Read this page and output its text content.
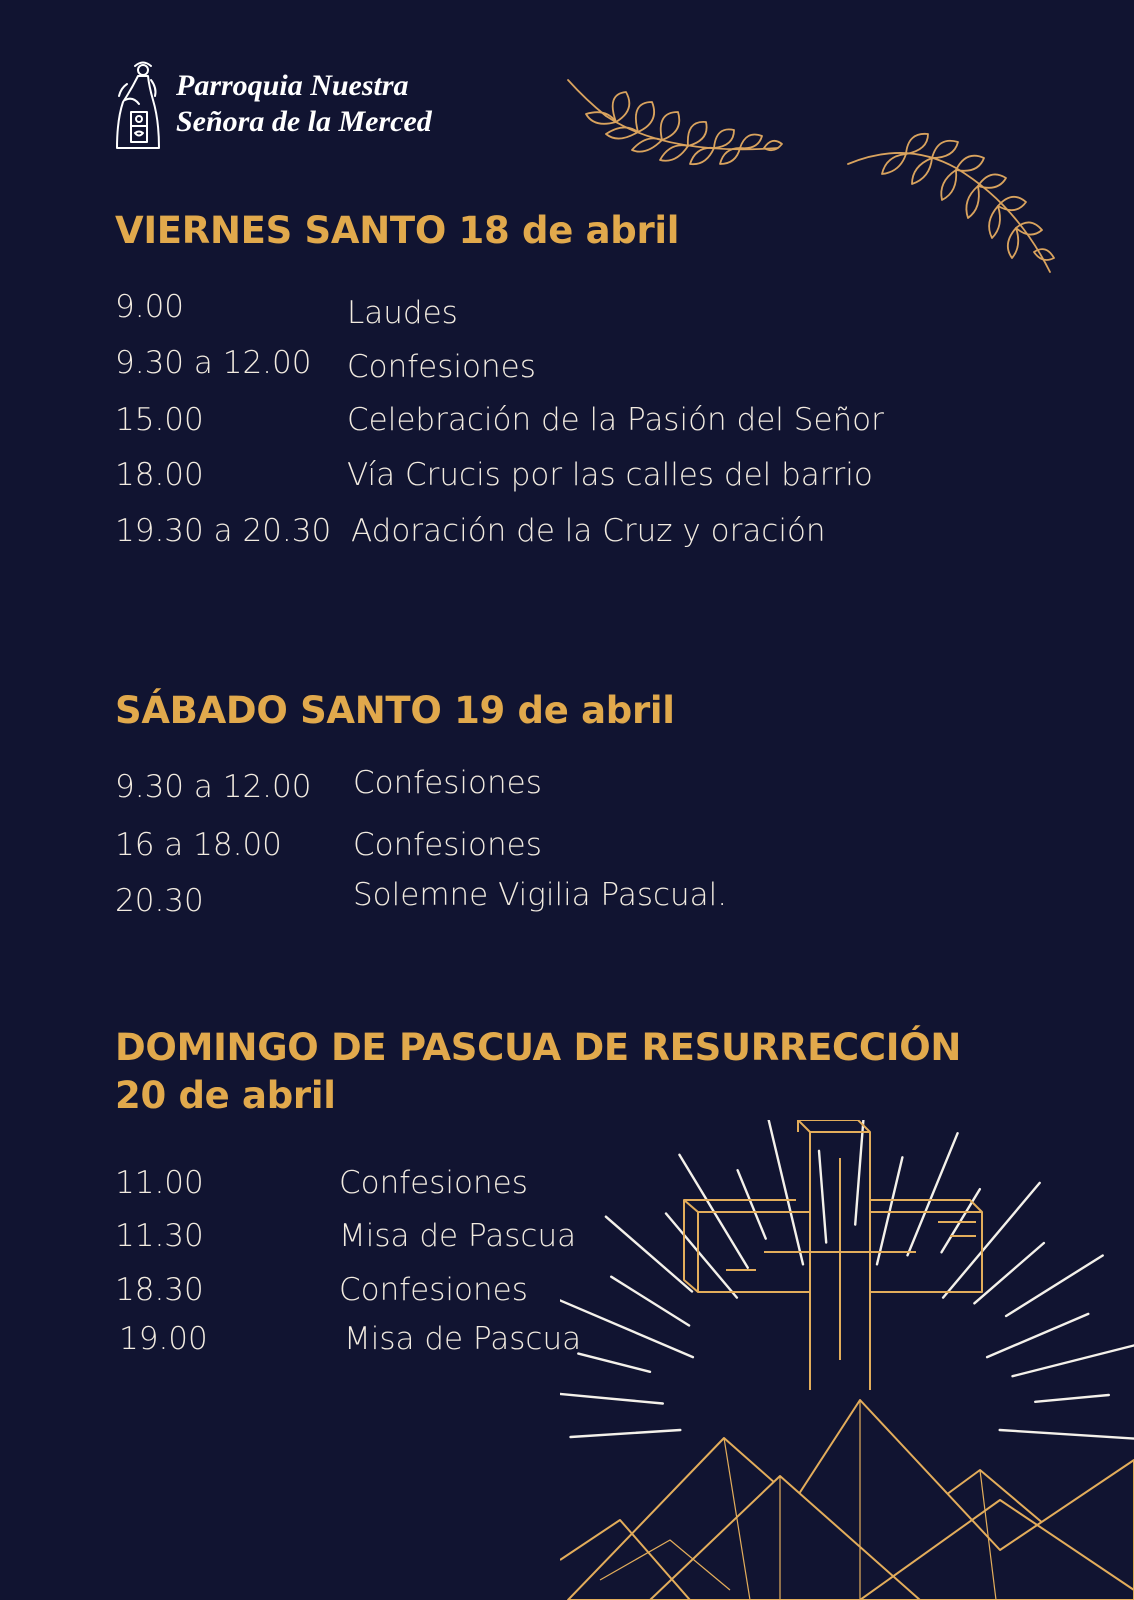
Parroquia Nuestra
Señora de la Merced
VIERNES SANTO 18 de abril
9.00	Laudes
9.30 a 12.00 Confesiones
15.00	Celebración de la Pasión del Señor
18.00	Vía Crucis por las calles del barrio
19.30 a 20.30 Adoración de la Cruz y oración
SÁBADO SANTO 19 de abril
9.30 a 12.00 Confesiones
16 a 18.00 Confesiones
20.30	Solemne Vigilia Pascual.
DOMINGO DE PASCUA DE RESURRECCIÓN
20 de abril
11.00	Confesiones
11.30	Misa de Pascua
18.30	Confesiones
19.00	Misa de Pascua
